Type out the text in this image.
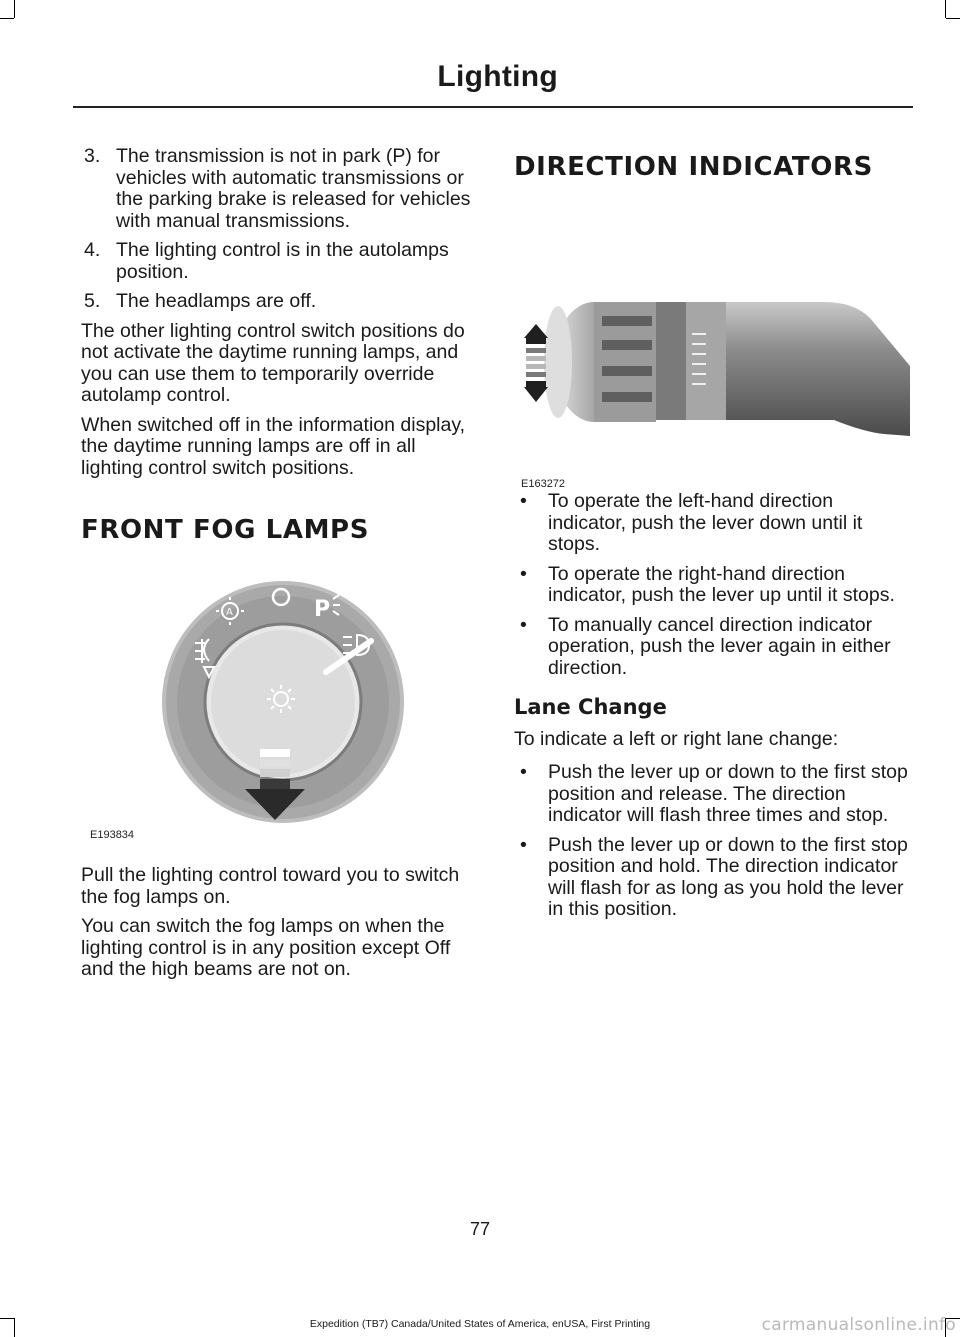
Lighting
3. The transmission is not in park (P) for vehicles with automatic transmissions or the parking brake is released for vehicles with manual transmissions.
4. The lighting control is in the autolamps position.
5. The headlamps are off.

The other lighting control switch positions do not activate the daytime running lamps, and you can use them to temporarily override autolamp control.

When switched off in the information display, the daytime running lamps are off in all lighting control switch positions.

FRONT FOG LAMPS
A	P
E193834

Pull the lighting control toward you to switch the fog lamps on.

You can switch the fog lamps on when the lighting control is in any position except Off and the high beams are not on.

DIRECTION INDICATORS
E163272
• To operate the left-hand direction indicator, push the lever down until it stops.
• To operate the right-hand direction indicator, push the lever up until it stops.
• To manually cancel direction indicator operation, push the lever again in either direction.
Lane Change

To indicate a left or right lane change:

• Push the lever up or down to the first stop position and release. The direction indicator will flash three times and stop.
• Push the lever up or down to the first stop position and hold. The direction indicator will flash for as long as you hold the lever in this position.
77
Expedition (TB7) Canada/United States of America, enUSA, First Printing	carmanualsonline.info
